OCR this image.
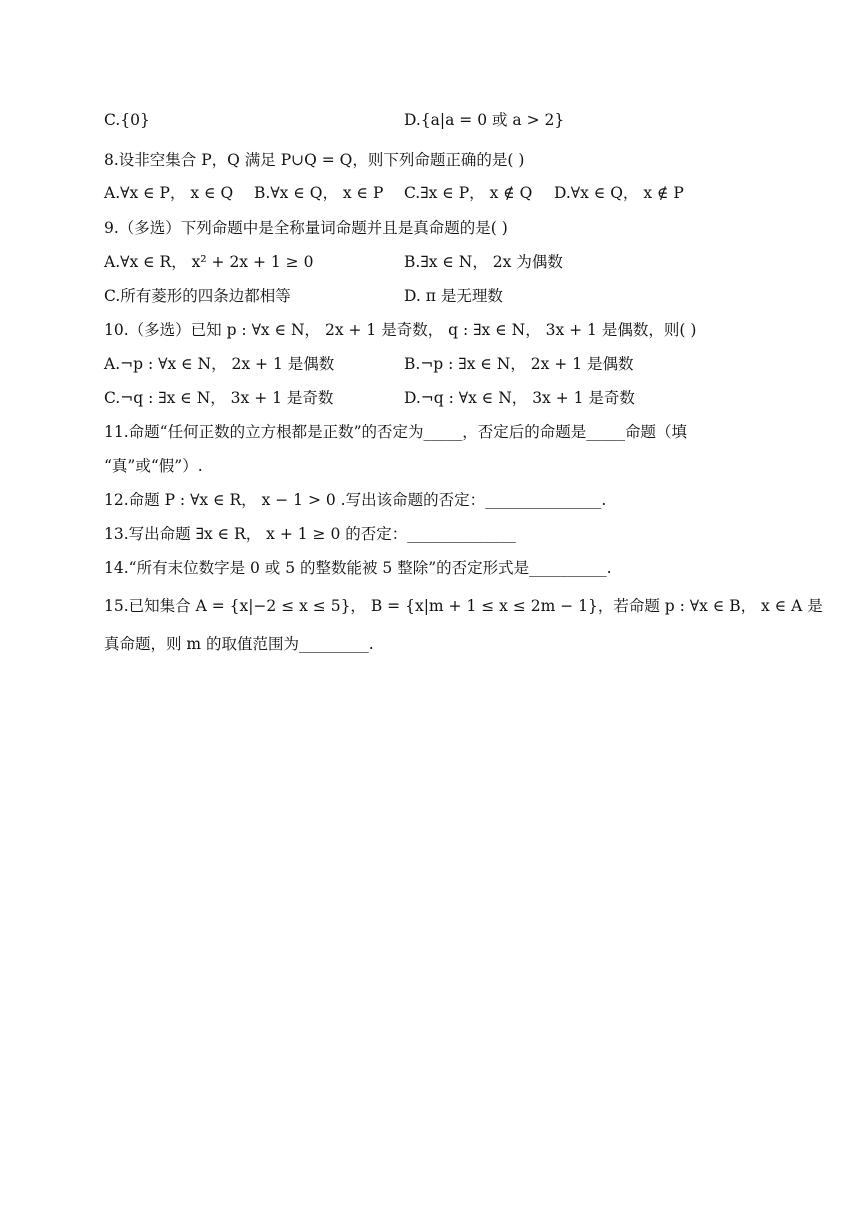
C.{0}	D.{a|a = 0 或 a > 2}
8.设非空集合 P，Q 满足 P∪Q = Q，则下列命题正确的是( )
A.∀x ∈ P， x ∈ Q B.∀x ∈ Q， x ∈ P C.∃x ∈ P， x ∉ Q D.∀x ∈ Q， x ∉ P
9.（多选）下列命题中是全称量词命题并且是真命题的是( )
A.∀x ∈ R， x² + 2x + 1 ≥ 0	B.∃x ∈ N， 2x 为偶数
C.所有菱形的四条边都相等	D. π 是无理数
10.（多选）已知 p : ∀x ∈ N， 2x + 1 是奇数， q : ∃x ∈ N， 3x + 1 是偶数，则( )
A.¬p : ∀x ∈ N， 2x + 1 是偶数	B.¬p : ∃x ∈ N， 2x + 1 是偶数
C.¬q : ∃x ∈ N， 3x + 1 是奇数	D.¬q : ∀x ∈ N， 3x + 1 是奇数
11.命题“任何正数的立方根都是正数”的否定为_____，否定后的命题是_____命题（填
“真”或“假”）.
12.命题 P : ∀x ∈ R， x − 1 > 0 .写出该命题的否定：_______________.
13.写出命题 ∃x ∈ R， x + 1 ≥ 0 的否定：______________
14.“所有末位数字是 0 或 5 的整数能被 5 整除”的否定形式是__________.
15.已知集合 A = {x|−2 ≤ x ≤ 5}， B = {x|m + 1 ≤ x ≤ 2m − 1}，若命题 p : ∀x ∈ B， x ∈ A 是
真命题，则 m 的取值范围为_________.
